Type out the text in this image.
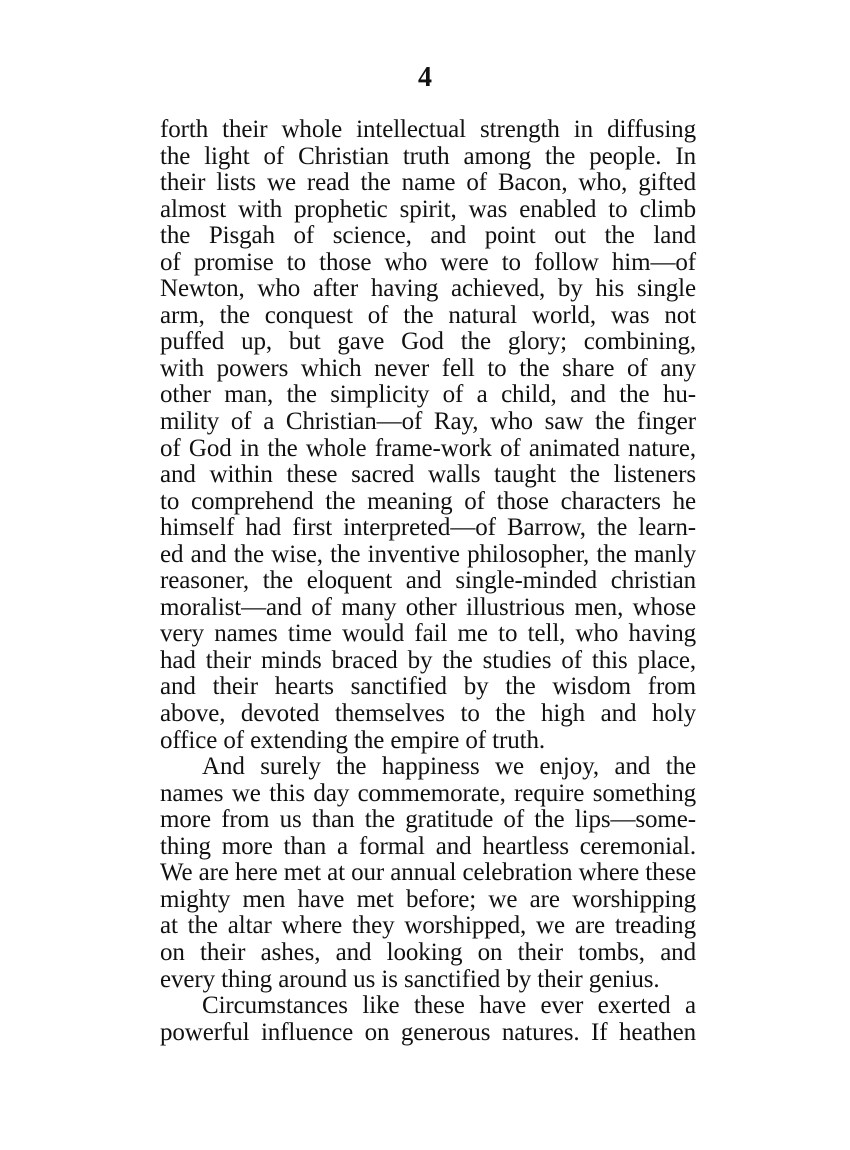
4
forth their whole intellectual strength in diffusing
the light of Christian truth among the people. In
their lists we read the name of Bacon, who, gifted
almost with prophetic spirit, was enabled to climb
the Pisgah of science, and point out the land
of promise to those who were to follow him—of
Newton, who after having achieved, by his single
arm, the conquest of the natural world, was not
puffed up, but gave God the glory; combining,
with powers which never fell to the share of any
other man, the simplicity of a child, and the hu-
mility of a Christian—of Ray, who saw the finger
of God in the whole frame-work of animated nature,
and within these sacred walls taught the listeners
to comprehend the meaning of those characters he
himself had first interpreted—of Barrow, the learn-
ed and the wise, the inventive philosopher, the manly
reasoner, the eloquent and single-minded christian
moralist—and of many other illustrious men, whose
very names time would fail me to tell, who having
had their minds braced by the studies of this place,
and their hearts sanctified by the wisdom from
above, devoted themselves to the high and holy
office of extending the empire of truth.
And surely the happiness we enjoy, and the
names we this day commemorate, require something
more from us than the gratitude of the lips—some-
thing more than a formal and heartless ceremonial.
We are here met at our annual celebration where these
mighty men have met before; we are worshipping
at the altar where they worshipped, we are treading
on their ashes, and looking on their tombs, and
every thing around us is sanctified by their genius.
Circumstances like these have ever exerted a
powerful influence on generous natures. If heathen
